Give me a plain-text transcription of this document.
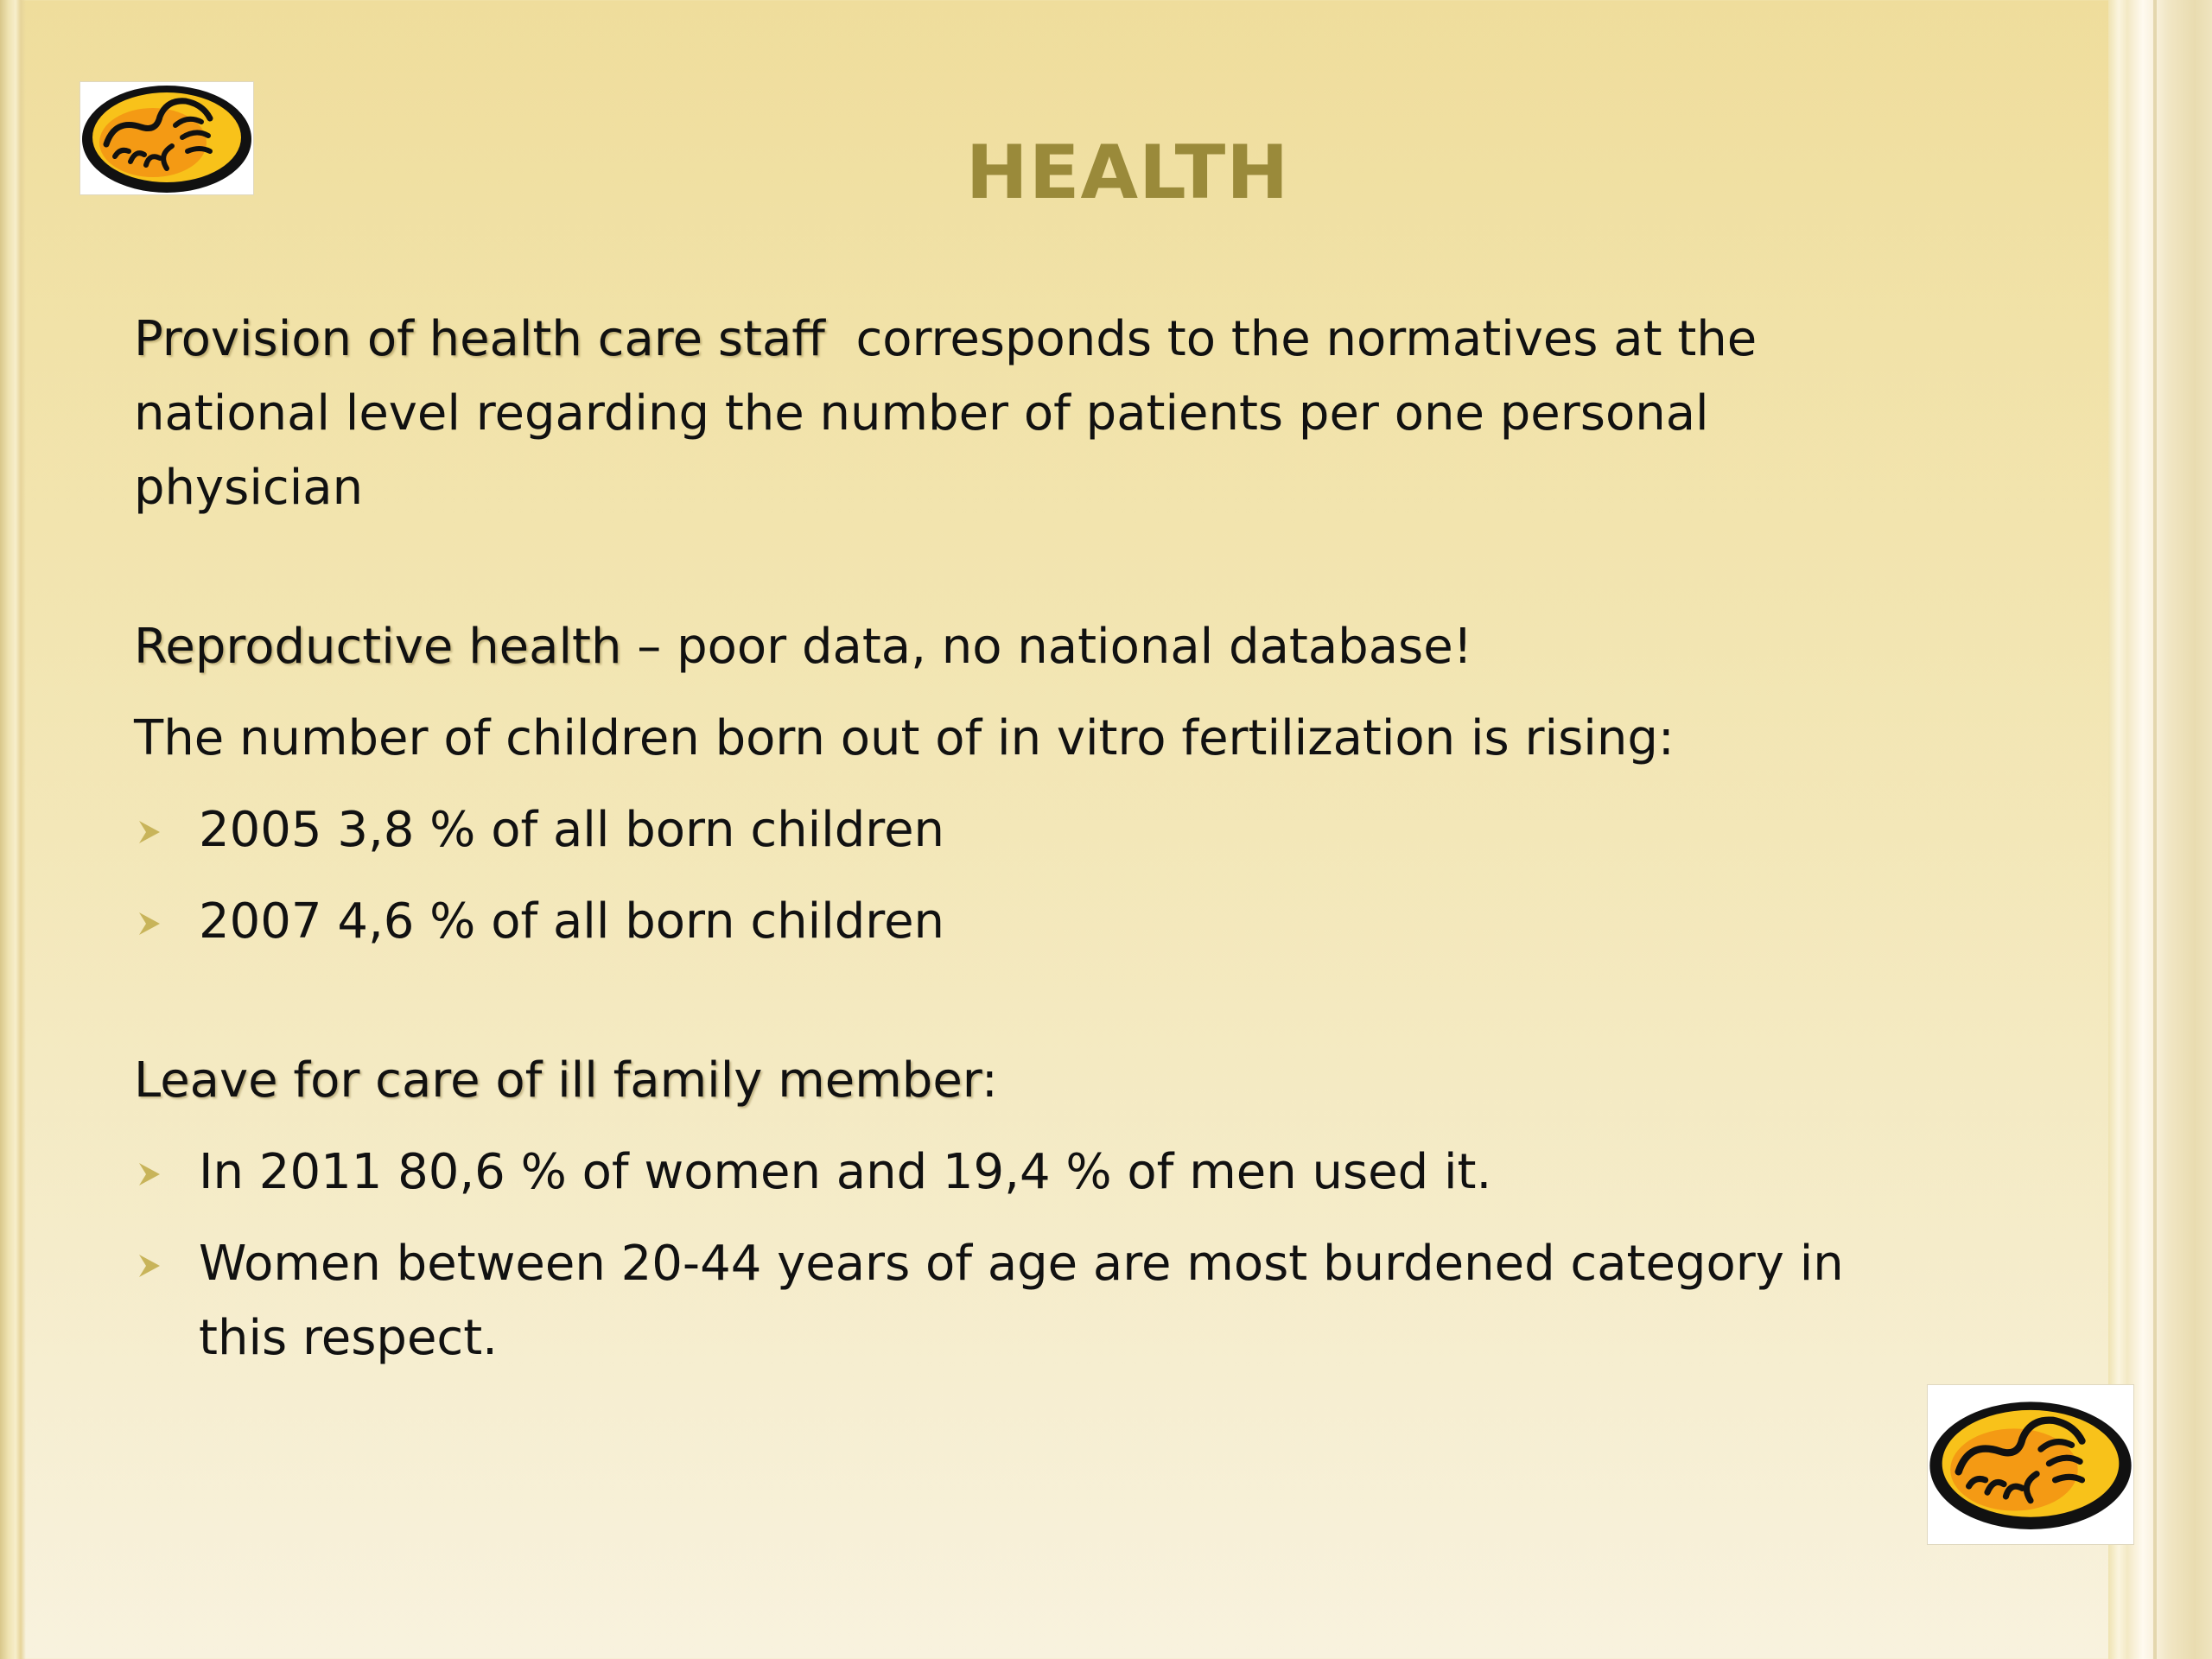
HEALTH

Provision of health care staff corresponds to the normatives at the national level regarding the number of patients per one personal physician

Reproductive health – poor data, no national database!

The number of children born out of in vitro fertilization is rising:

2005 3,8 % of all born children

2007 4,6 % of all born children

Leave for care of ill family member:

In 2011 80,6 % of women and 19,4 % of men used it.

Women between 20-44 years of age are most burdened category in this respect.
